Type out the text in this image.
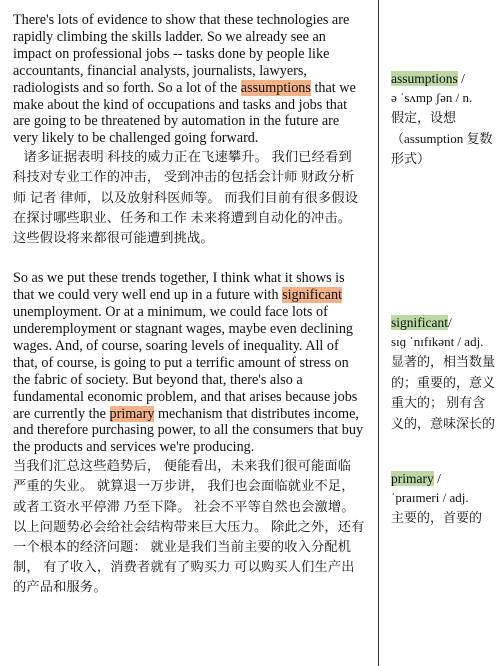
There's lots of evidence to show that these technologies are rapidly climbing the skills ladder. So we already see an impact on professional jobs -- tasks done by people like accountants, financial analysts, journalists, lawyers, radiologists and so forth. So a lot of the assumptions that we make about the kind of occupations and tasks and jobs that are going to be threatened by automation in the future are very likely to be challenged going forward.

诸多证据表明 科技的威力正在飞速攀升。 我们已经看到科技对专业工作的冲击， 受到冲击的包括会计师 财政分析师 记者 律师，以及放射科医师等。 而我们目前有很多假设 在探讨哪些职业、任务和工作 未来将遭到自动化的冲击。 这些假设将来都很可能遭到挑战。

So as we put these trends together, I think what it shows is that we could very well end up in a future with significant unemployment. Or at a minimum, we could face lots of underemployment or stagnant wages, maybe even declining wages. And, of course, soaring levels of inequality. All of that, of course, is going to put a terrific amount of stress on the fabric of society. But beyond that, there's also a fundamental economic problem, and that arises because jobs are currently the primary mechanism that distributes income, and therefore purchasing power, to all the consumers that buy the products and services we're producing.

当我们汇总这些趋势后， 便能看出，未来我们很可能面临 严重的失业。 就算退一万步讲， 我们也会面临就业不足，或者工资水平停滞 乃至下降。 社会不平等自然也会激增。 以上问题势必会给社会结构带来巨大压力。 除此之外，还有一个根本的经济问题： 就业是我们当前主要的收入分配机制， 有了收入，消费者就有了购买力 可以购买人们生产出的产品和服务。

assumptions /
ə ˈsʌmp ʃən / n.
假定，设想 （assumption 复数形式）
significant/
sɪɡ ˈnɪfɪkənt / adj.
显著的，相当数量的；重要的，意义重大的； 别有含义的，意味深长的
primary /
ˈpraɪmeri / adj.
主要的，首要的
